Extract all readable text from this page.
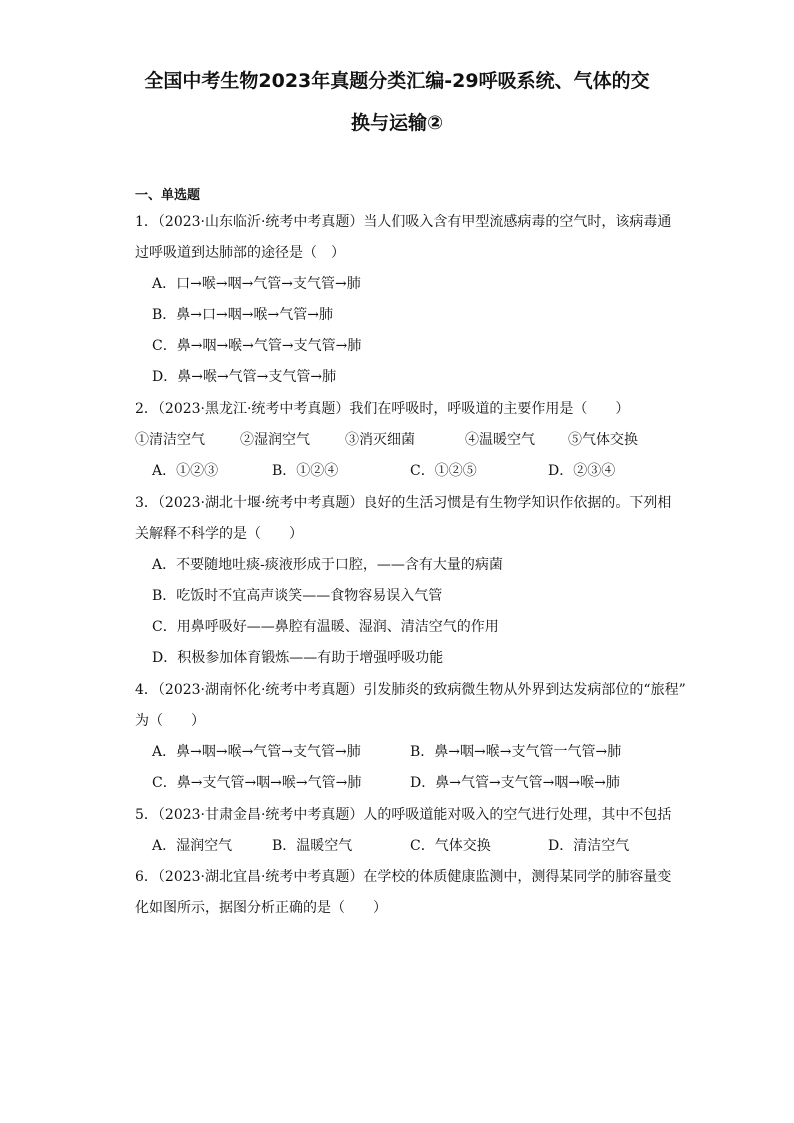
全国中考生物2023年真题分类汇编-29呼吸系统、气体的交
换与运输②
一、单选题
1．（2023·山东临沂·统考中考真题）当人们吸入含有甲型流感病毒的空气时，该病毒通
过呼吸道到达肺部的途径是（　）
A．口→喉→咽→气管→支气管→肺
B．鼻→口→咽→喉→气管→肺
C．鼻→咽→喉→气管→支气管→肺
D．鼻→喉→气管→支气管→肺
2．（2023·黑龙江·统考中考真题）我们在呼吸时，呼吸道的主要作用是（　　）
①清洁空气	②湿润空气	③消灭细菌	④温暖空气 ⑤气体交换
A．①②③	B．①②④	C．①②⑤	D．②③④
3．（2023·湖北十堰·统考中考真题）良好的生活习惯是有生物学知识作依据的。下列相
关解释不科学的是（　　）
A．不要随地吐痰-痰液形成于口腔，——含有大量的病菌
B．吃饭时不宜高声谈笑——食物容易误入气管
C．用鼻呼吸好——鼻腔有温暖、湿润、清洁空气的作用
D．积极参加体育锻炼——有助于增强呼吸功能
4．（2023·湖南怀化·统考中考真题）引发肺炎的致病微生物从外界到达发病部位的“旅程”
为（　　）
A．鼻→咽→喉→气管→支气管→肺	B．鼻→咽→喉→支气管一气管→肺
C．鼻→支气管→咽→喉→气管→肺	D．鼻→气管→支气管→咽→喉→肺
5．（2023·甘肃金昌·统考中考真题）人的呼吸道能对吸入的空气进行处理，其中不包括
A．湿润空气	B．温暖空气	C．气体交换	D．清洁空气
6．（2023·湖北宜昌·统考中考真题）在学校的体质健康监测中，测得某同学的肺容量变
化如图所示，据图分析正确的是（　　）
